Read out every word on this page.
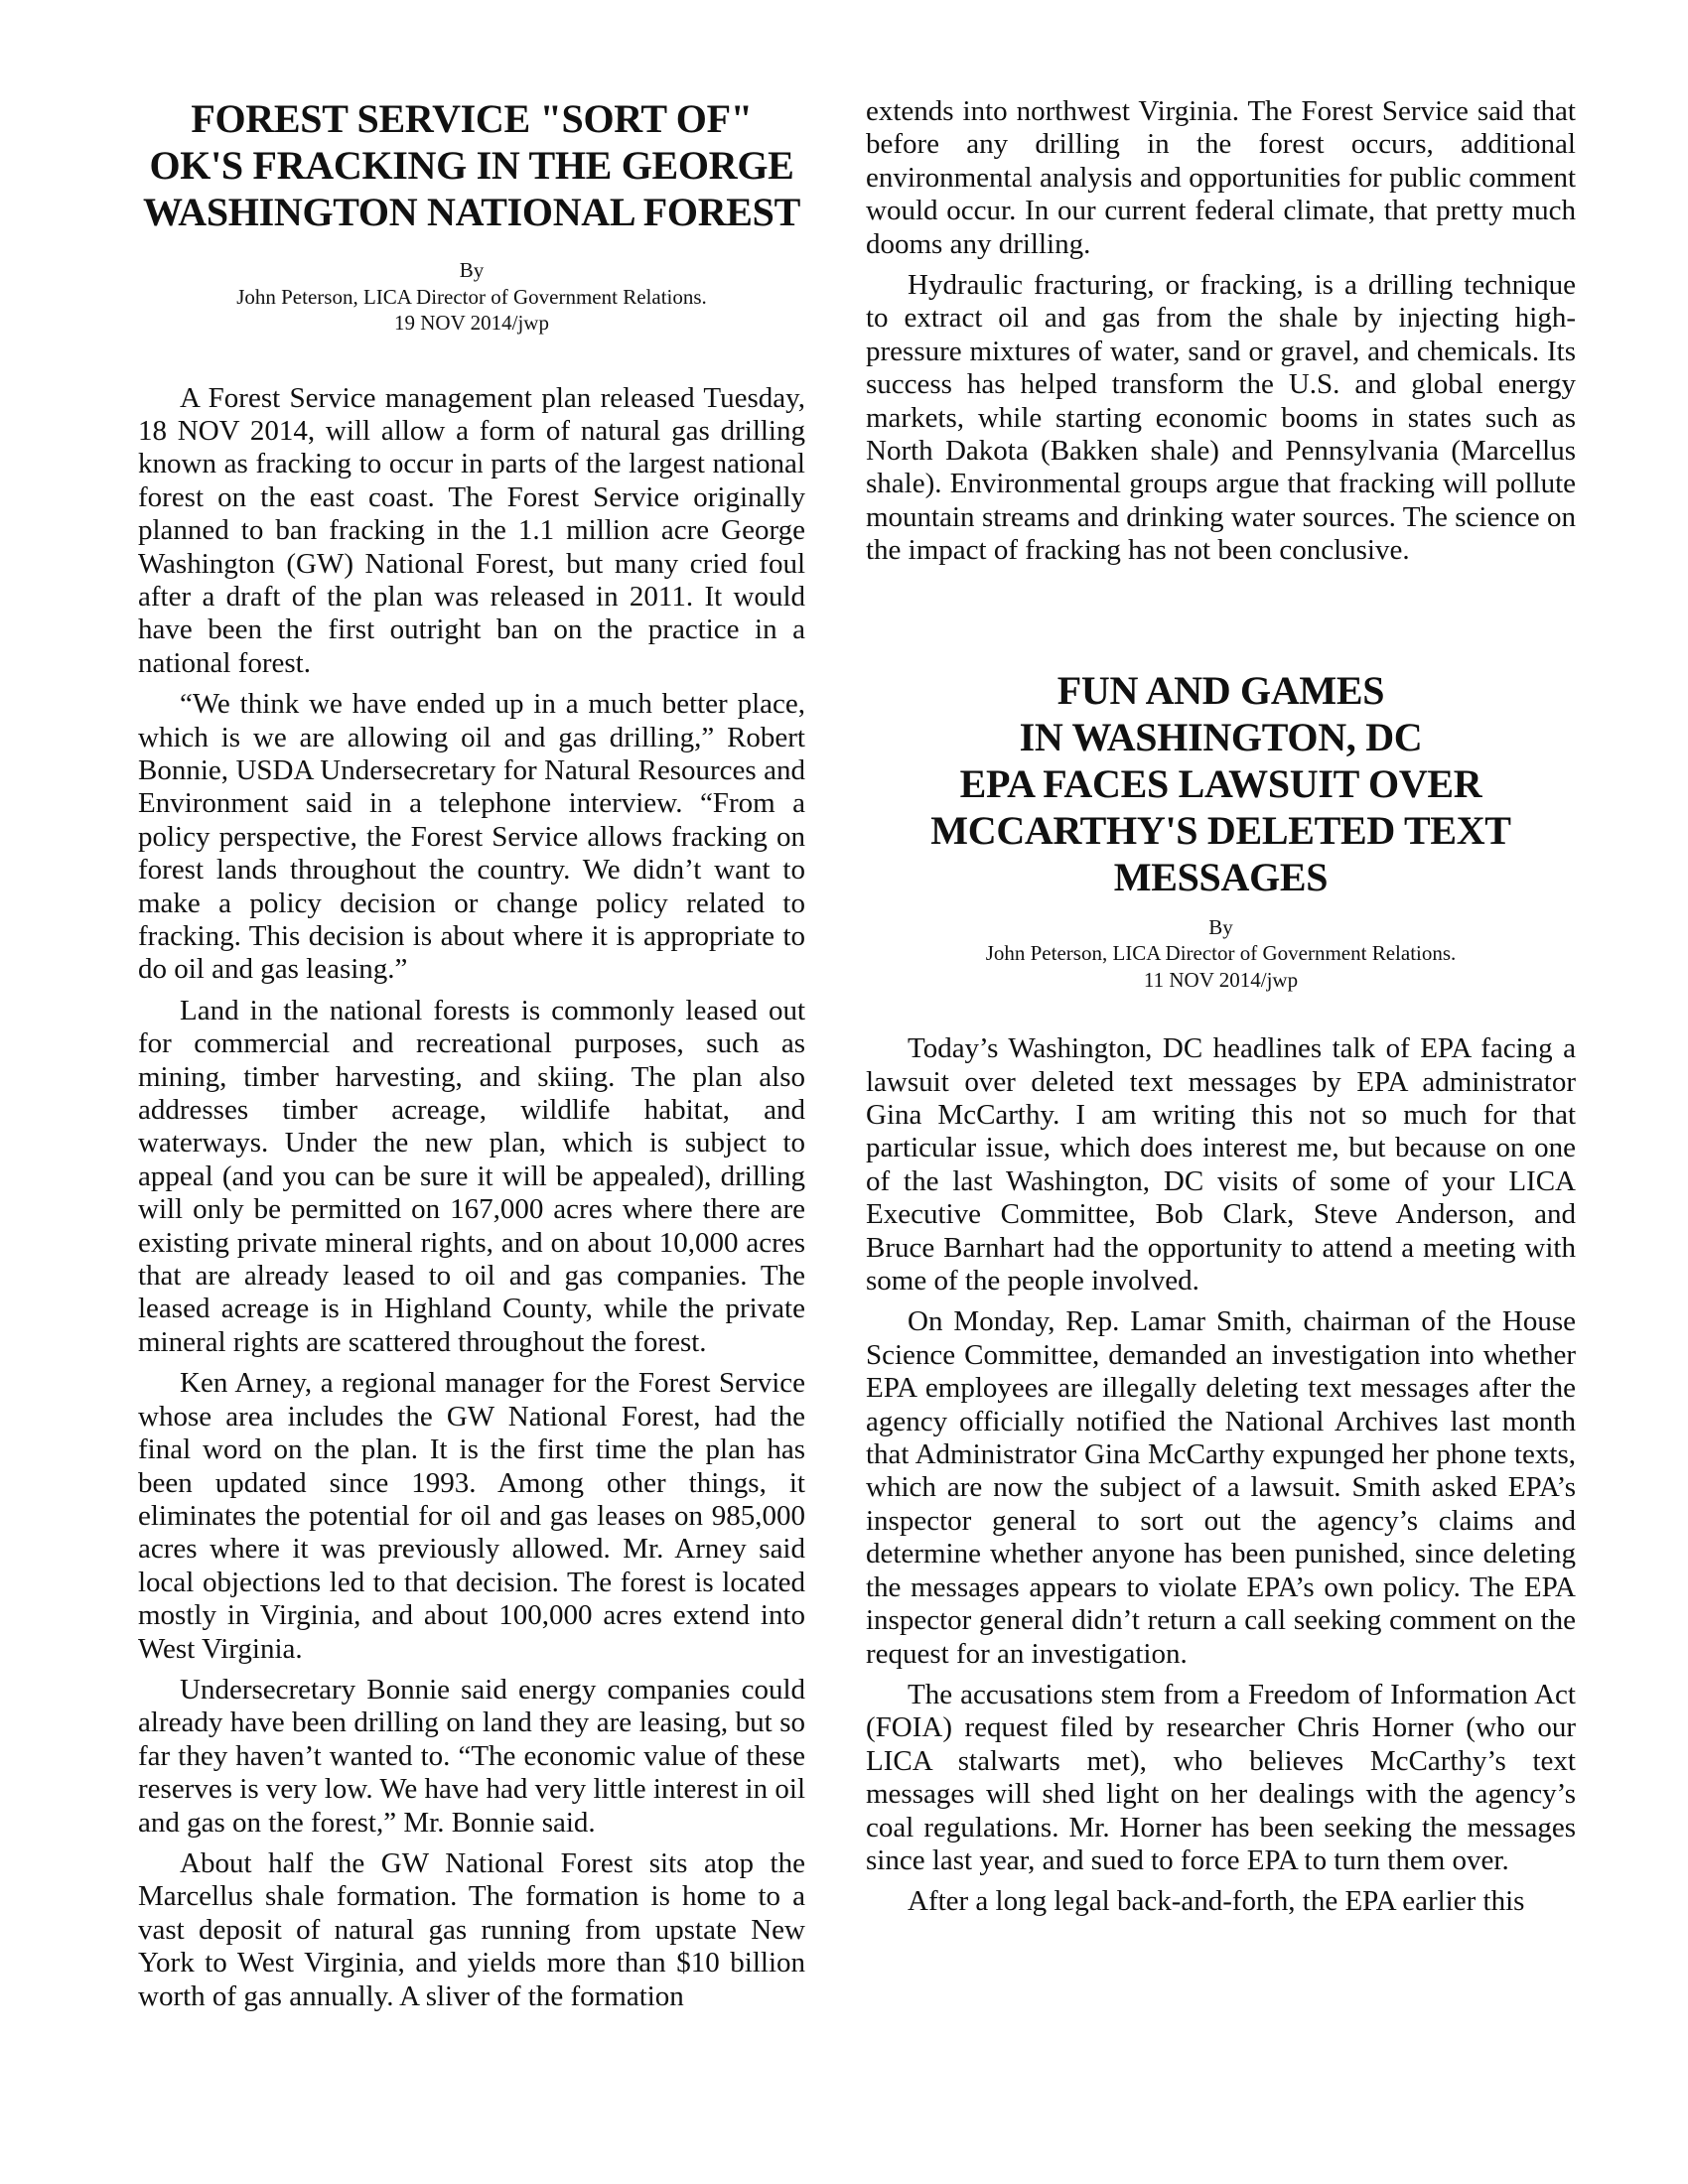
FOREST SERVICE "SORT OF"
OK'S FRACKING IN THE GEORGE
WASHINGTON NATIONAL FOREST
By
John Peterson, LICA Director of Government Relations.
19 NOV 2014/jwp

A Forest Service management plan released Tuesday, 18 NOV 2014, will allow a form of natural gas drilling known as fracking to occur in parts of the largest national forest on the east coast. The Forest Service originally planned to ban fracking in the 1.1 million acre George Washington (GW) National Forest, but many cried foul after a draft of the plan was released in 2011. It would have been the first outright ban on the practice in a national forest.

“We think we have ended up in a much better place, which is we are allowing oil and gas drilling,” Robert Bonnie, USDA Undersecretary for Natural Resources and Environment said in a telephone interview. “From a policy perspective, the Forest Service allows fracking on forest lands throughout the country. We didn’t want to make a policy decision or change policy related to fracking. This decision is about where it is appropriate to do oil and gas leasing.”

Land in the national forests is commonly leased out for commercial and recreational purposes, such as mining, timber harvesting, and skiing. The plan also addresses timber acreage, wildlife habitat, and waterways. Under the new plan, which is subject to appeal (and you can be sure it will be appealed), drilling will only be permitted on 167,000 acres where there are existing private mineral rights, and on about 10,000 acres that are already leased to oil and gas companies. The leased acreage is in Highland County, while the private mineral rights are scattered throughout the forest.

Ken Arney, a regional manager for the Forest Service whose area includes the GW National Forest, had the final word on the plan. It is the first time the plan has been updated since 1993. Among other things, it eliminates the potential for oil and gas leases on 985,000 acres where it was previously allowed. Mr. Arney said local objections led to that decision. The forest is located mostly in Virginia, and about 100,000 acres extend into West Virginia.

Undersecretary Bonnie said energy companies could already have been drilling on land they are leasing, but so far they haven’t wanted to. “The economic value of these reserves is very low. We have had very little interest in oil and gas on the forest,” Mr. Bonnie said.

About half the GW National Forest sits atop the Marcellus shale formation. The formation is home to a vast deposit of natural gas running from upstate New York to West Virginia, and yields more than $10 billion worth of gas annually. A sliver of the formation

extends into northwest Virginia. The Forest Service said that before any drilling in the forest occurs, additional environmental analysis and opportunities for public comment would occur. In our current federal climate, that pretty much dooms any drilling.

Hydraulic fracturing, or fracking, is a drilling technique to extract oil and gas from the shale by injecting high-pressure mixtures of water, sand or gravel, and chemicals. Its success has helped transform the U.S. and global energy markets, while starting economic booms in states such as North Dakota (Bakken shale) and Pennsylvania (Marcellus shale). Environmental groups argue that fracking will pollute mountain streams and drinking water sources. The science on the impact of fracking has not been conclusive.

FUN AND GAMES
IN WASHINGTON, DC
EPA FACES LAWSUIT OVER
MCCARTHY'S DELETED TEXT
MESSAGES
By
John Peterson, LICA Director of Government Relations.
11 NOV 2014/jwp

Today’s Washington, DC headlines talk of EPA facing a lawsuit over deleted text messages by EPA administrator Gina McCarthy. I am writing this not so much for that particular issue, which does interest me, but because on one of the last Washington, DC visits of some of your LICA Executive Committee, Bob Clark, Steve Anderson, and Bruce Barnhart had the opportunity to attend a meeting with some of the people involved.

On Monday, Rep. Lamar Smith, chairman of the House Science Committee, demanded an investigation into whether EPA employees are illegally deleting text messages after the agency officially notified the National Archives last month that Administrator Gina McCarthy expunged her phone texts, which are now the subject of a lawsuit. Smith asked EPA’s inspector general to sort out the agency’s claims and determine whether anyone has been punished, since deleting the messages appears to violate EPA’s own policy. The EPA inspector general didn’t return a call seeking comment on the request for an investigation.

The accusations stem from a Freedom of Information Act (FOIA) request filed by researcher Chris Horner (who our LICA stalwarts met), who believes McCarthy’s text messages will shed light on her dealings with the agency’s coal regulations. Mr. Horner has been seeking the messages since last year, and sued to force EPA to turn them over.

After a long legal back-and-forth, the EPA earlier this
